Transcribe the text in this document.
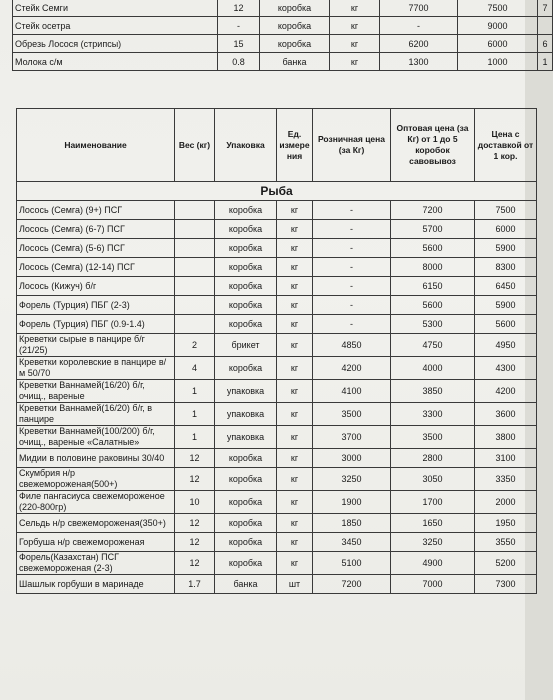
Стейк Семги	12	коробка	кг	7700	7500	7
Стейк осетра	-	коробка	кг	-	9000	
Обрезь Лосося (стрипсы)	15	коробка	кг	6200	6000	6
Молока с/м	0.8	банка	кг	1300	1000	1
Наименование	Вес (кг)	Упаковка	Ед. измере ния	Розничная цена (за Кг)	Оптовая цена (за Кг) от 1 до 5 коробок савовывоз	Цена с доставкой от 1 кор.
Рыба						
Лосось (Семга) (9+) ПСГ		коробка	кг	-	7200	7500
Лосось (Семга) (6-7) ПСГ		коробка	кг	-	5700	6000
Лосось (Семга) (5-6) ПСГ		коробка	кг	-	5600	5900
Лосось (Семга) (12-14) ПСГ		коробка	кг	-	8000	8300
Лосось (Кижуч) б/г		коробка	кг	-	6150	6450
Форель (Турция) ПБГ (2-3)		коробка	кг	-	5600	5900
Форель (Турция) ПБГ (0.9-1.4)		коробка	кг	-	5300	5600
Креветки сырые в панцире б/г (21/25)	2	брикет	кг	4850	4750	4950
Креветки королевские в панцире в/м 50/70	4	коробка	кг	4200	4000	4300
Креветки Ваннамей(16/20) б/г, очищ., вареные	1	упаковка	кг	4100	3850	4200
Креветки Ваннамей(16/20) б/г, в панцире	1	упаковка	кг	3500	3300	3600
Креветки Ваннамей(100/200) б/г, очищ., вареные «Салатные»	1	упаковка	кг	3700	3500	3800
Мидии в половине раковины 30/40	12	коробка	кг	3000	2800	3100
Скумбрия н/р свежемороженая(500+)	12	коробка	кг	3250	3050	3350
Филе пангасиуса свежемороженое (220-800гр)	10	коробка	кг	1900	1700	2000
Сельдь н/р свежемороженая(350+)	12	коробка	кг	1850	1650	1950
Горбуша н/р свежемороженая	12	коробка	кг	3450	3250	3550
Форель(Казахстан) ПСГ свежемороженая (2-3)	12	коробка	кг	5100	4900	5200
Шашлык горбуши в маринаде	1.7	банка	шт	7200	7000	7300
